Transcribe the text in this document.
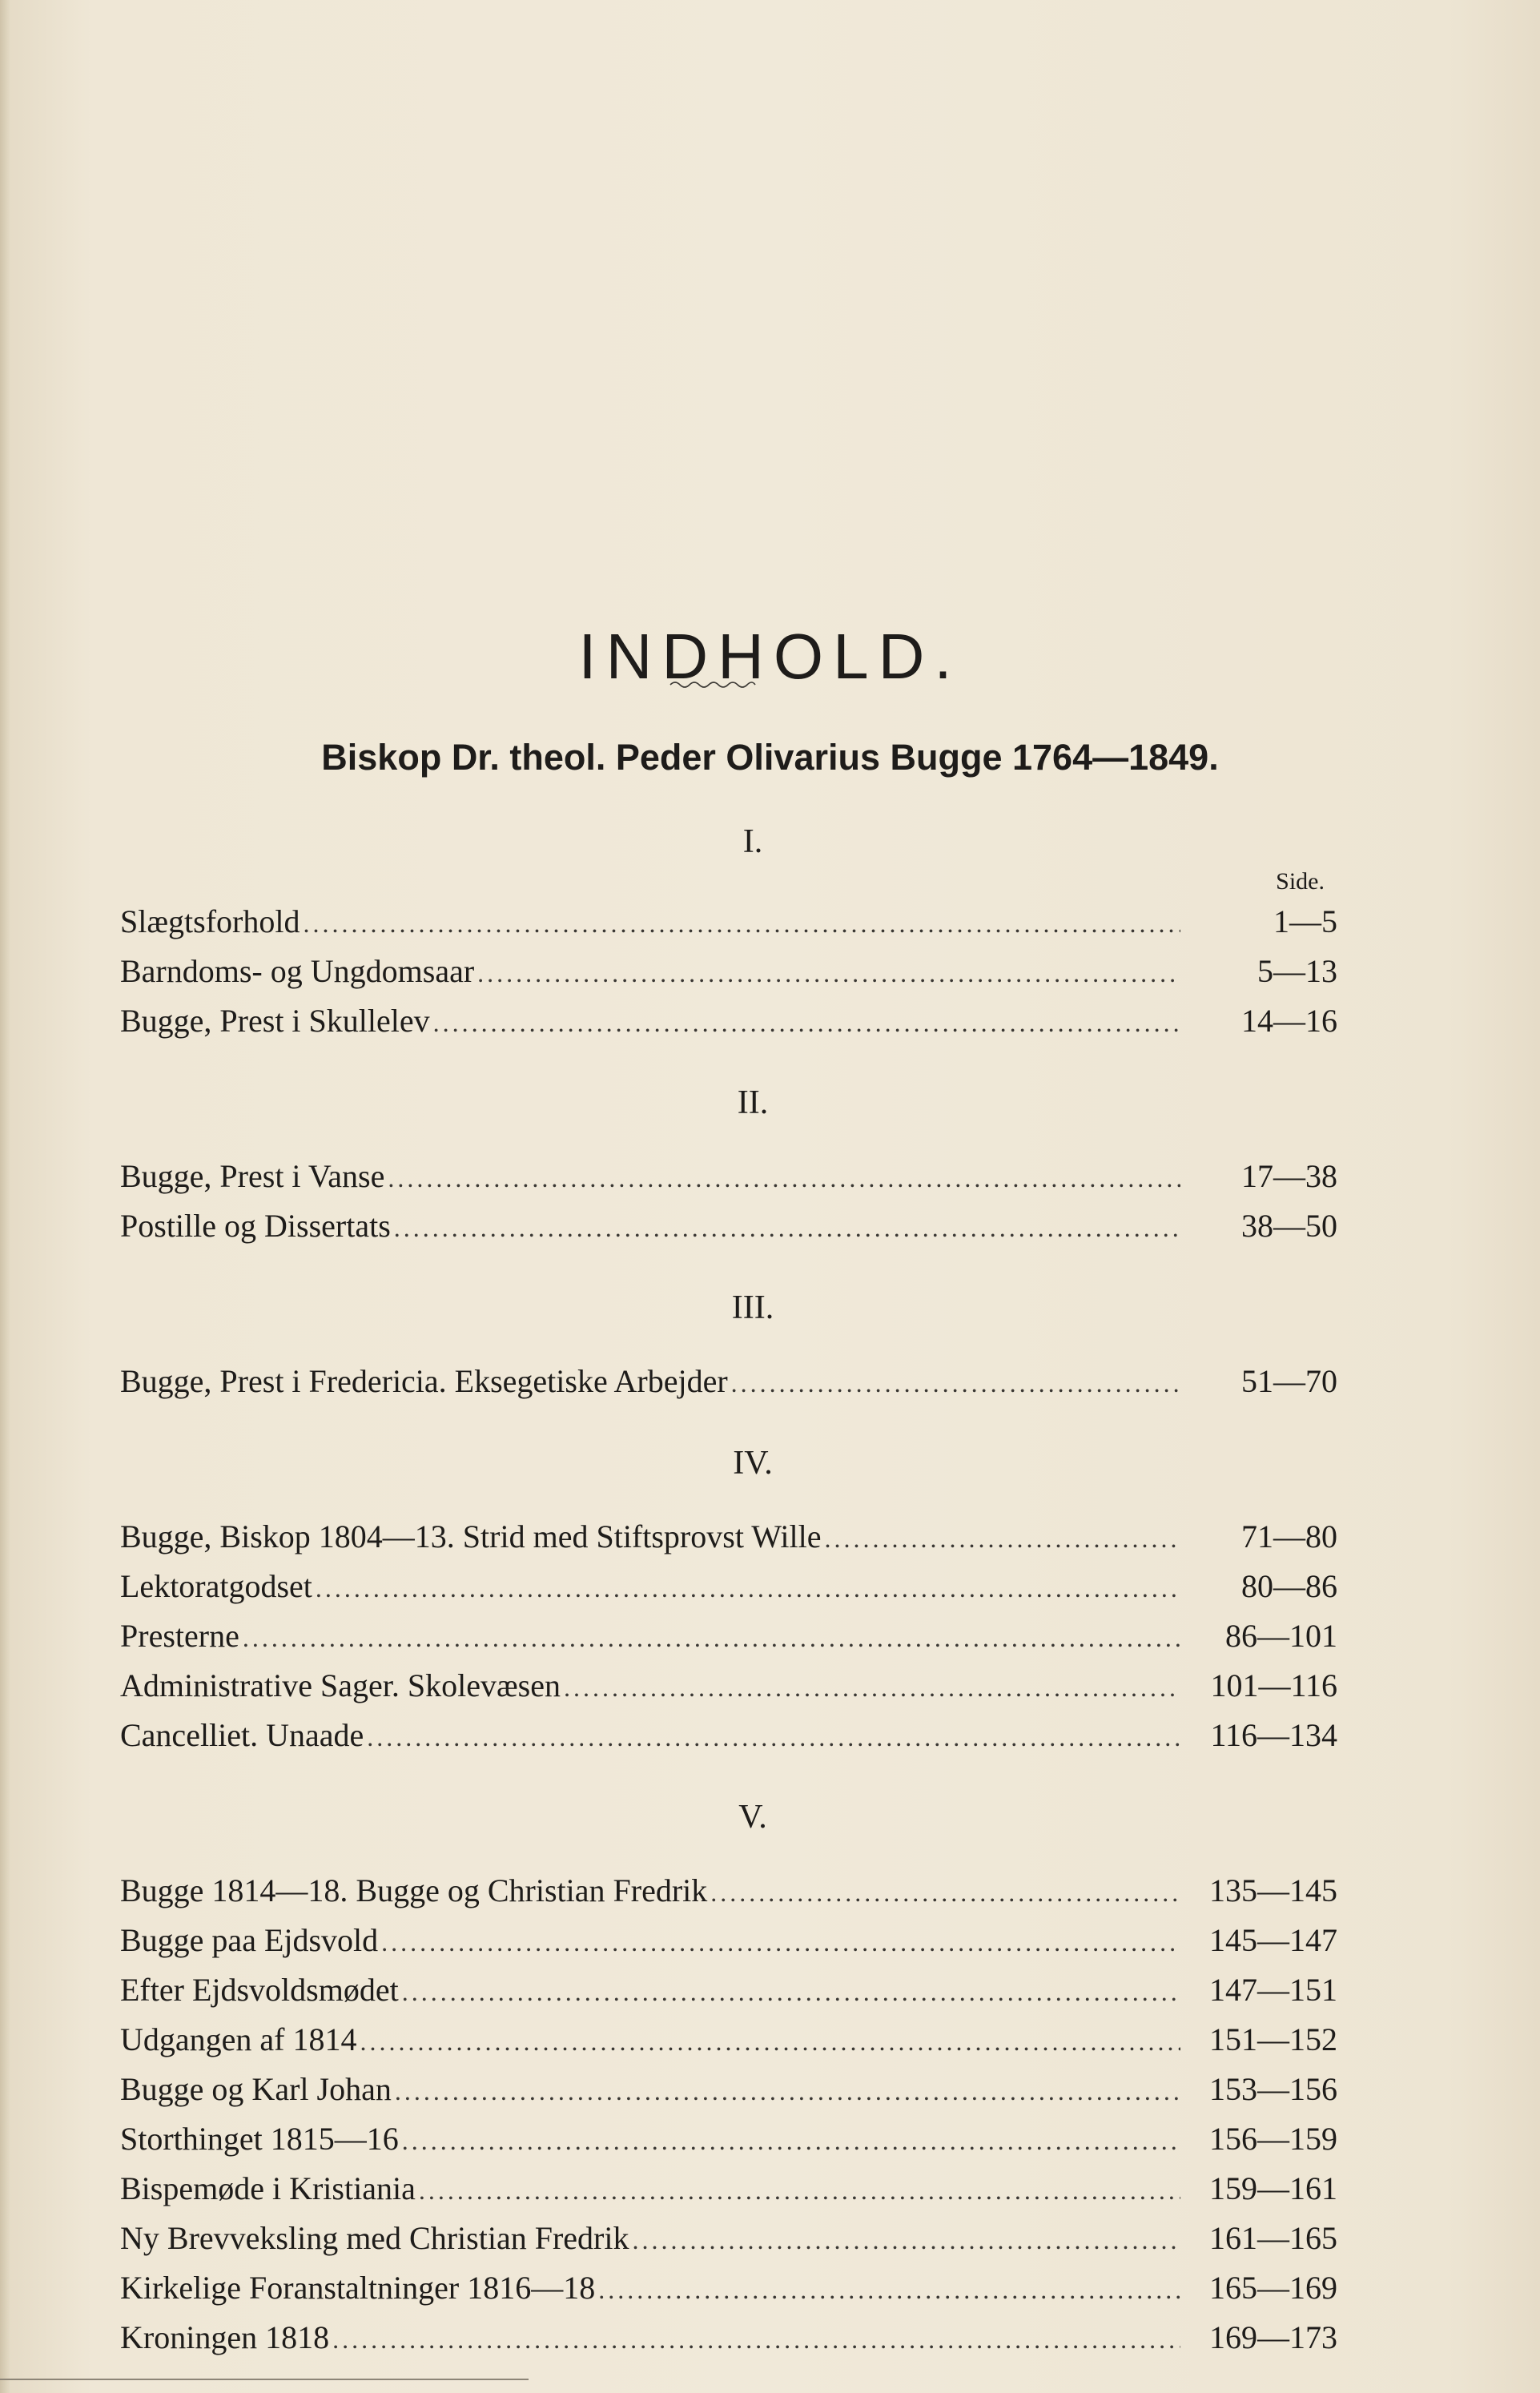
INDHOLD.
Biskop Dr. theol. Peder Olivarius Bugge 1764—1849.
I.
Side.
Slægtsforhold .....	1—5
Barndoms- og Ungdomsaar .....	5—13
Bugge, Prest i Skullelev .....	14—16
II.
Bugge, Prest i Vanse .....	17—38
Postille og Dissertats .....	38—50
III.
Bugge, Prest i Fredericia. Eksegetiske Arbejder .....	51—70
IV.
Bugge, Biskop 1804—13. Strid med Stiftsprovst Wille .....	71—80
Lektoratgodset .....	80—86
Presterne .....	86—101
Administrative Sager. Skolevæsen .....	101—116
Cancelliet. Unaade .....	116—134
V.
Bugge 1814—18. Bugge og Christian Fredrik .....	135—145
Bugge paa Ejdsvold .....	145—147
Efter Ejdsvoldsmødet .....	147—151
Udgangen af 1814 .....	151—152
Bugge og Karl Johan .....	153—156
Storthinget 1815—16 .....	156—159
Bispemøde i Kristiania .....	159—161
Ny Brevveksling med Christian Fredrik .....	161—165
Kirkelige Foranstaltninger 1816—18 .....	165—169
Kroningen 1818 .....	169—173
